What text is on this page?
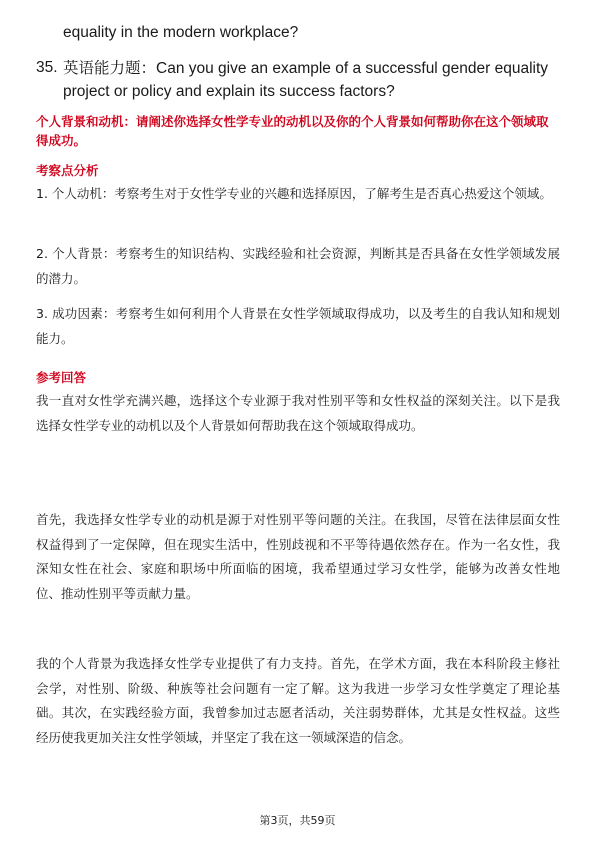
equality in the modern workplace?
35. 英语能力题：Can you give an example of a successful gender equality project or policy and explain its success factors?
个人背景和动机：请阐述你选择女性学专业的动机以及你的个人背景如何帮助你在这个领域取得成功。
考察点分析

1. 个人动机：考察考生对于女性学专业的兴趣和选择原因，了解考生是否真心热爱这个领域。

2. 个人背景：考察考生的知识结构、实践经验和社会资源，判断其是否具备在女性学领域发展的潜力。

3. 成功因素：考察考生如何利用个人背景在女性学领域取得成功，以及考生的自我认知和规划能力。

参考回答

我一直对女性学充满兴趣，选择这个专业源于我对性别平等和女性权益的深刻关注。以下是我选择女性学专业的动机以及个人背景如何帮助我在这个领域取得成功。

首先，我选择女性学专业的动机是源于对性别平等问题的关注。在我国，尽管在法律层面女性权益得到了一定保障，但在现实生活中，性别歧视和不平等待遇依然存在。作为一名女性，我深知女性在社会、家庭和职场中所面临的困境，我希望通过学习女性学，能够为改善女性地位、推动性别平等贡献力量。

我的个人背景为我选择女性学专业提供了有力支持。首先，在学术方面，我在本科阶段主修社会学，对性别、阶级、种族等社会问题有一定了解。这为我进一步学习女性学奠定了理论基础。其次，在实践经验方面，我曾参加过志愿者活动，关注弱势群体，尤其是女性权益。这些经历使我更加关注女性学领域，并坚定了我在这一领域深造的信念。

第3页，共59页
